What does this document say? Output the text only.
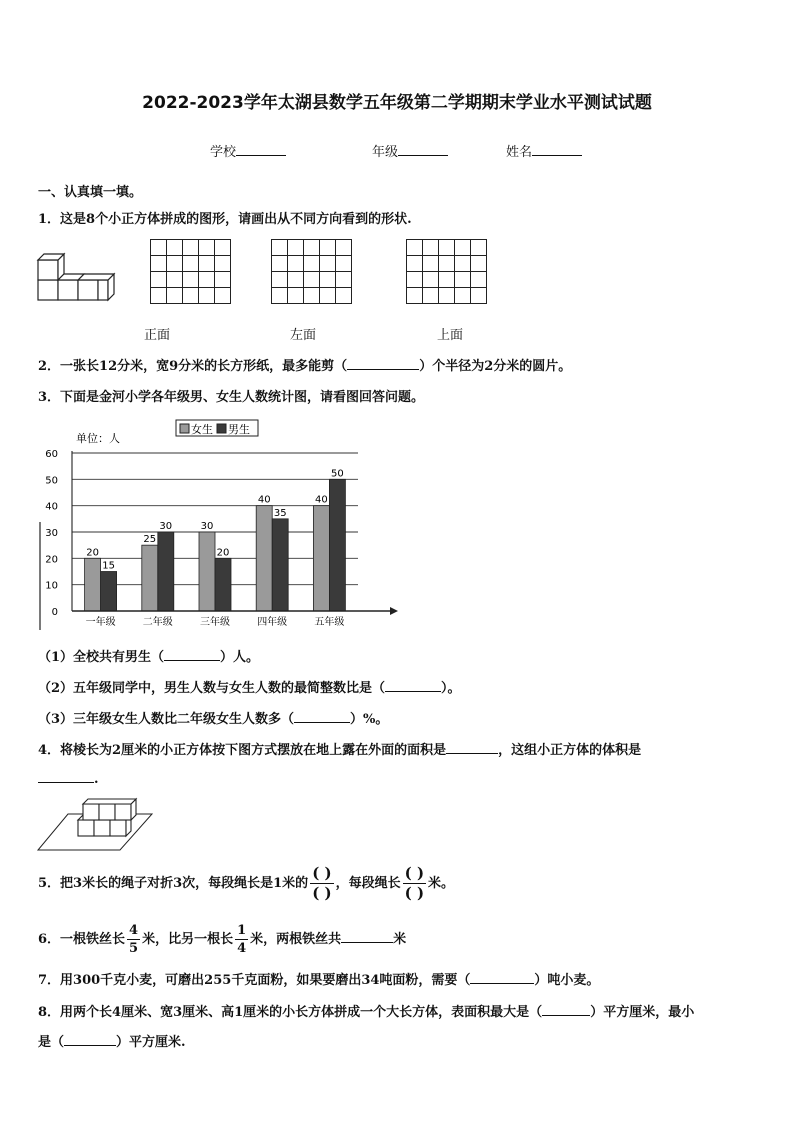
2022-2023学年太湖县数学五年级第二学期期末学业水平测试试题
学校	年级	姓名
一、认真填一填。
1．这是8个小正方体拼成的图形，请画出从不同方向看到的形状.

正面	左面	上面
2．一张长12分米，宽9分米的长方形纸，最多能剪（	）个半径为2分米的圆片。
3．下面是金河小学各年级男、女生人数统计图，请看图回答问题。
0
10
20
30
40
50
60
20
15
25
30	30
20
40
35
40
50
一年级	二年级	三年级	四年级	五年级
单位：人
女生 男生
（1）全校共有男生（	）人。
（2）五年级同学中，男生人数与女生人数的最简整数比是（	）。
（3）三年级女生人数比二年级女生人数多（	）%。
4．将棱长为2厘米的小正方体按下图方式摆放在地上露在外面的面积是	，这组小正方体的体积是
.
5．把3米长的绳子对折3次，每段绳长是1米的 $\frac{( )}{( )}$ ，每段绳长 $\frac{( )}{( )}$ 米。
6．一根铁丝长 $\frac{4}{5}$ 米，比另一根长 $\frac{1}{4}$ 米，两根铁丝共	米
7．用300千克小麦，可磨出255千克面粉，如果要磨出34吨面粉，需要（	）吨小麦。
8．用两个长4厘米、宽3厘米、高1厘米的小长方体拼成一个大长方体，表面积最大是（	）平方厘米，最小
是（	）平方厘米.
